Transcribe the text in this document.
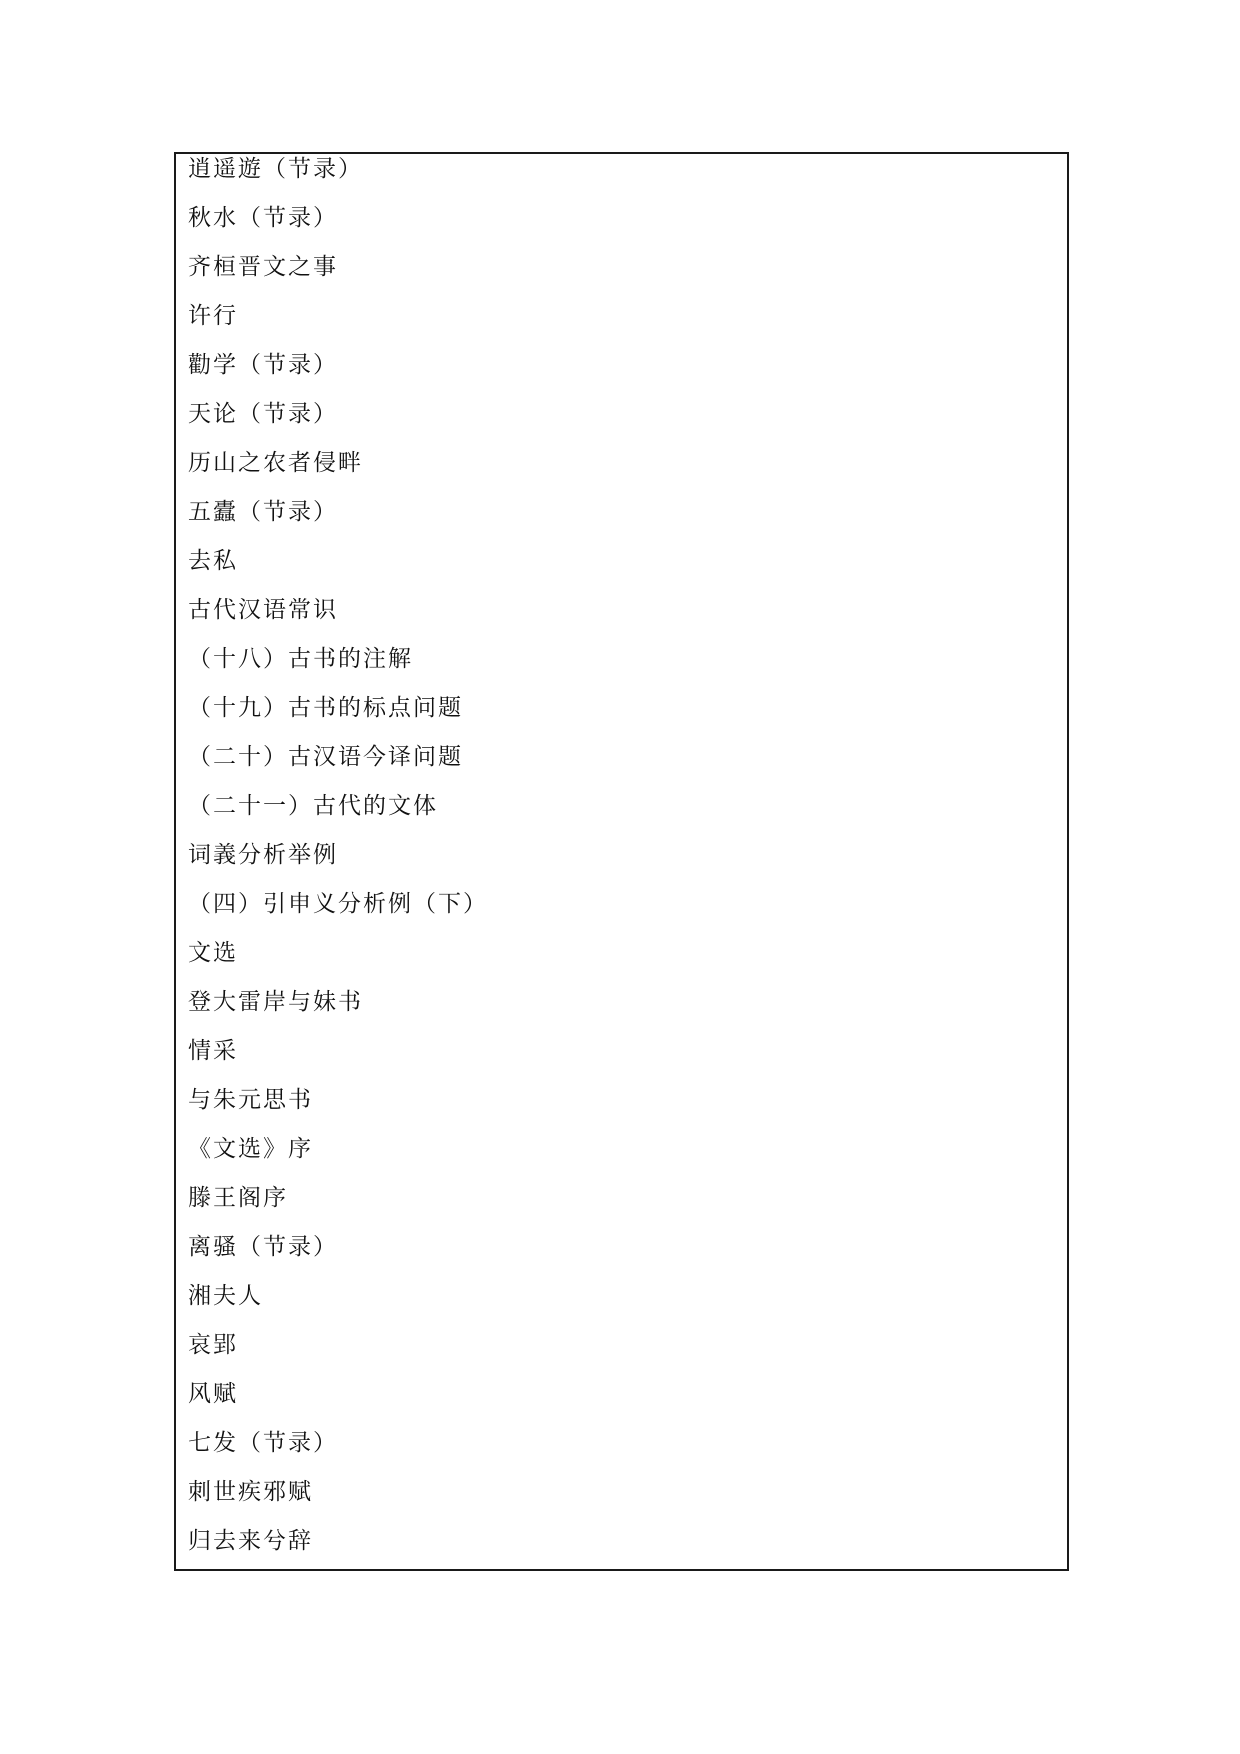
逍遥遊（节录）
秋水（节录）
齐桓晋文之事
许行
勸学（节录）
天论（节录）
历山之农者侵畔
五蠹（节录）
去私
古代汉语常识
（十八）古书的注解
（十九）古书的标点问题
（二十）古汉语今译问题
（二十一）古代的文体
词義分析举例
（四）引申义分析例（下）
文选
登大雷岸与妹书
情采
与朱元思书
《文选》序
滕王阁序
离骚（节录）
湘夫人
哀郢
风赋
七发（节录）
刺世疾邪赋
归去来兮辞
